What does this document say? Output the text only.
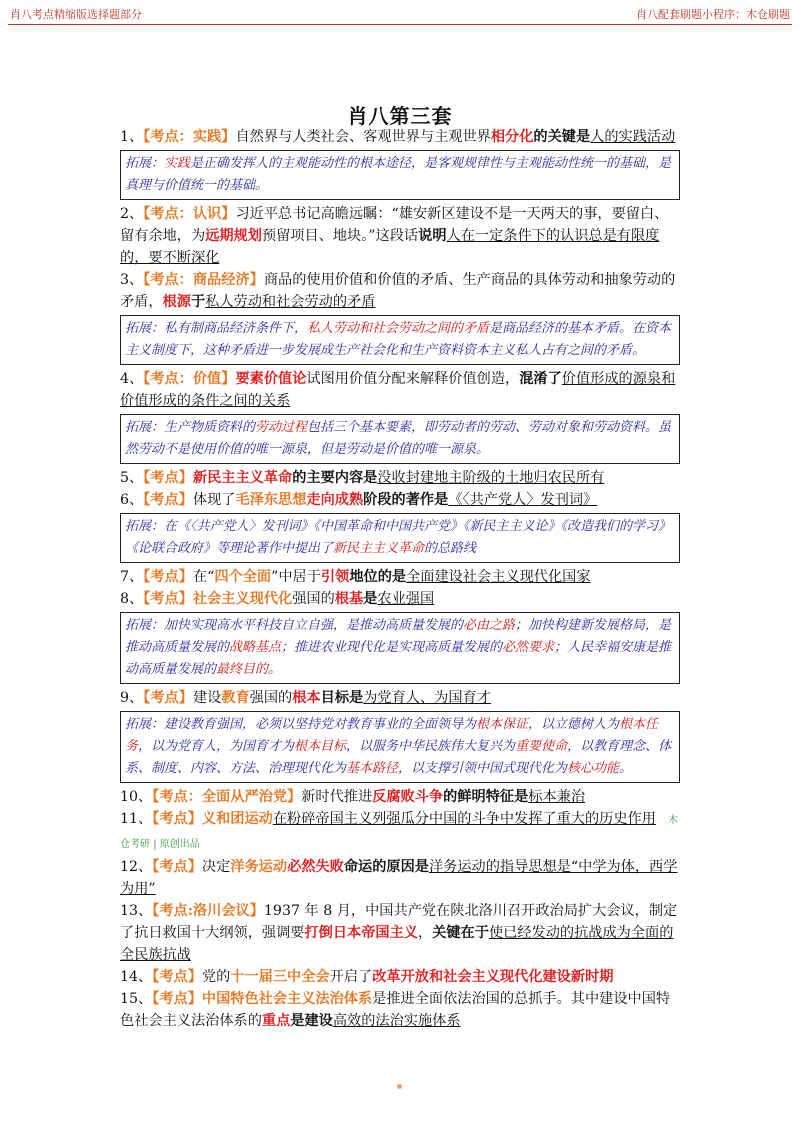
肖八考点精缩版选择题部分	肖八配套刷题小程序：木仓刷题
肖八第三套

1、【考点：实践】自然界与人类社会、客观世界与主观世界相分化的关键是人的实践活动

拓展：实践是正确发挥人的主观能动性的根本途径，是客观规律性与主观能动性统一的基础，是真理与价值统一的基础。

2、【考点：认识】习近平总书记高瞻远瞩：“雄安新区建设不是一天两天的事，要留白、留有余地，为远期规划预留项目、地块。”这段话说明人在一定条件下的认识总是有限度的，要不断深化

3、【考点：商品经济】商品的使用价值和价值的矛盾、生产商品的具体劳动和抽象劳动的矛盾，根源于私人劳动和社会劳动的矛盾

拓展：私有制商品经济条件下，私人劳动和社会劳动之间的矛盾是商品经济的基本矛盾。在资本主义制度下，这种矛盾进一步发展成生产社会化和生产资料资本主义私人占有之间的矛盾。

4、【考点：价值】要素价值论试图用价值分配来解释价值创造，混淆了价值形成的源泉和价值形成的条件之间的关系

拓展：生产物质资料的劳动过程包括三个基本要素，即劳动者的劳动、劳动对象和劳动资料。虽然劳动不是使用价值的唯一源泉，但是劳动是价值的唯一源泉。

5、【考点】新民主主义革命的主要内容是没收封建地主阶级的土地归农民所有

6、【考点】体现了毛泽东思想走向成熟阶段的著作是《〈共产党人〉发刊词》

拓展：在《〈共产党人〉发刊词》《中国革命和中国共产党》《新民主主义论》《改造我们的学习》《论联合政府》等理论著作中提出了新民主主义革命的总路线

7、【考点】在“四个全面”中居于引领地位的是全面建设社会主义现代化国家

8、【考点】社会主义现代化强国的根基是农业强国

拓展：加快实现高水平科技自立自强，是推动高质量发展的必由之路；加快构建新发展格局，是推动高质量发展的战略基点；推进农业现代化是实现高质量发展的必然要求；人民幸福安康是推动高质量发展的最终目的。

9、【考点】建设教育强国的根本目标是为党育人、为国育才

拓展：建设教育强国，必须以坚持党对教育事业的全面领导为根本保证，以立德树人为根本任务，以为党育人，为国育才为根本目标，以服务中华民族伟大复兴为重要使命，以教育理念、体系、制度、内容、方法、治理现代化为基本路径，以支撑引领中国式现代化为核心功能。

10、【考点：全面从严治党】新时代推进反腐败斗争的鲜明特征是标本兼治

11、【考点】义和团运动在粉碎帝国主义列强瓜分中国的斗争中发挥了重大的历史作用 木仓考研 | 原创出品

12、【考点】决定洋务运动必然失败命运的原因是洋务运动的指导思想是“中学为体，西学为用”

13、【考点:洛川会议】1937 年 8 月，中国共产党在陕北洛川召开政治局扩大会议，制定了抗日救国十大纲领，强调要打倒日本帝国主义，关键在于使已经发动的抗战成为全面的全民族抗战

14、【考点】党的十一届三中全会开启了改革开放和社会主义现代化建设新时期

15、【考点】中国特色社会主义法治体系是推进全面依法治国的总抓手。其中建设中国特色社会主义法治体系的重点是建设高效的法治实施体系
